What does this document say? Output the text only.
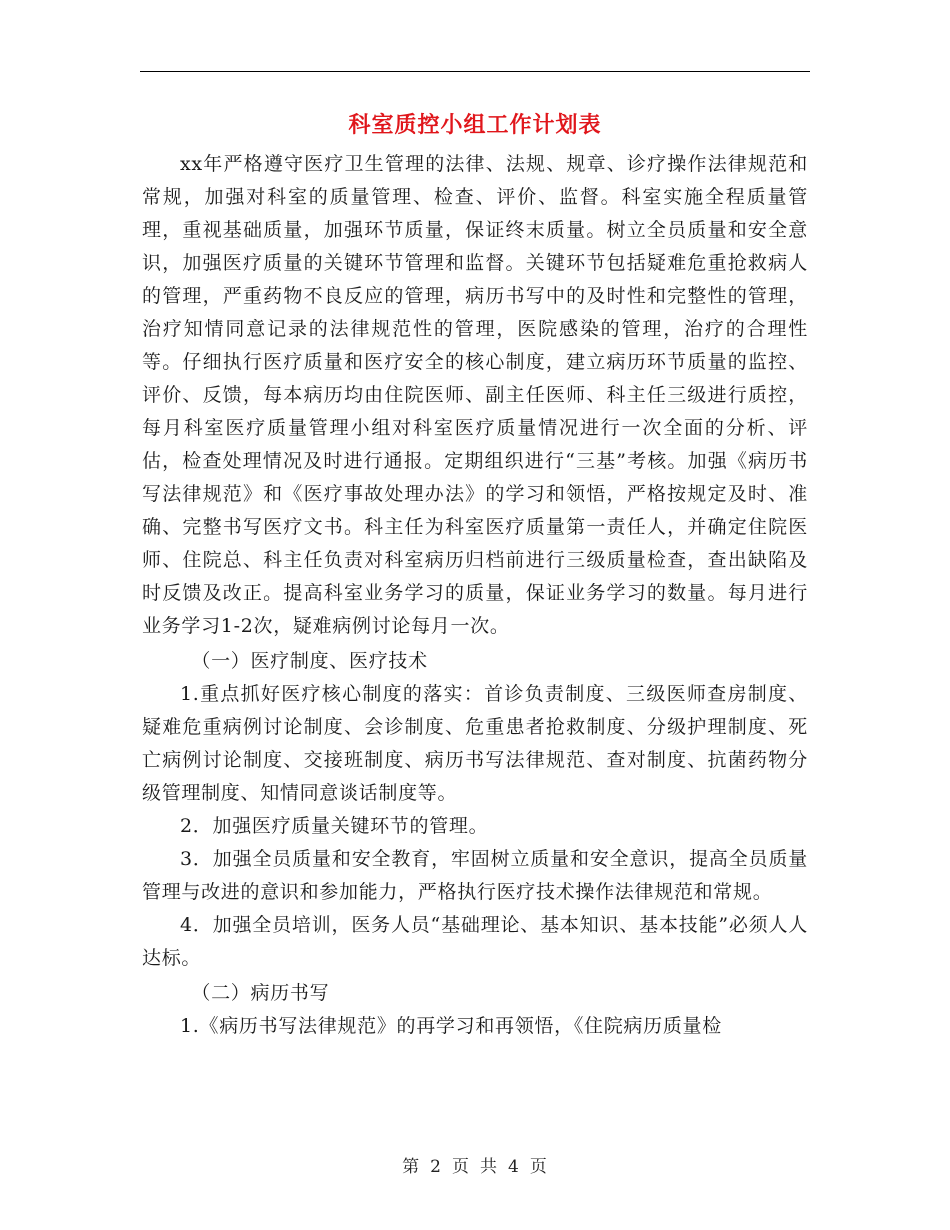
科室质控小组工作计划表

xx年严格遵守医疗卫生管理的法律、法规、规章、诊疗操作法律规范和常规，加强对科室的质量管理、检查、评价、监督。科室实施全程质量管理，重视基础质量，加强环节质量，保证终末质量。树立全员质量和安全意识，加强医疗质量的关键环节管理和监督。关键环节包括疑难危重抢救病人的管理，严重药物不良反应的管理，病历书写中的及时性和完整性的管理，治疗知情同意记录的法律规范性的管理，医院感染的管理，治疗的合理性等。仔细执行医疗质量和医疗安全的核心制度，建立病历环节质量的监控、评价、反馈，每本病历均由住院医师、副主任医师、科主任三级进行质控，每月科室医疗质量管理小组对科室医疗质量情况进行一次全面的分析、评估，检查处理情况及时进行通报。定期组织进行“三基”考核。加强《病历书写法律规范》和《医疗事故处理办法》的学习和领悟，严格按规定及时、准确、完整书写医疗文书。科主任为科室医疗质量第一责任人，并确定住院医师、住院总、科主任负责对科室病历归档前进行三级质量检查，查出缺陷及时反馈及改正。提高科室业务学习的质量，保证业务学习的数量。每月进行业务学习1-2次，疑难病例讨论每月一次。

（一）医疗制度、医疗技术

1.重点抓好医疗核心制度的落实：首诊负责制度、三级医师查房制度、疑难危重病例讨论制度、会诊制度、危重患者抢救制度、分级护理制度、死亡病例讨论制度、交接班制度、病历书写法律规范、查对制度、抗菌药物分级管理制度、知情同意谈话制度等。

2．加强医疗质量关键环节的管理。

3．加强全员质量和安全教育，牢固树立质量和安全意识，提高全员质量管理与改进的意识和参加能力，严格执行医疗技术操作法律规范和常规。

4．加强全员培训，医务人员“基础理论、基本知识、基本技能”必须人人达标。

（二）病历书写

1.《病历书写法律规范》的再学习和再领悟，《住院病历质量检

第 2 页 共 4 页
